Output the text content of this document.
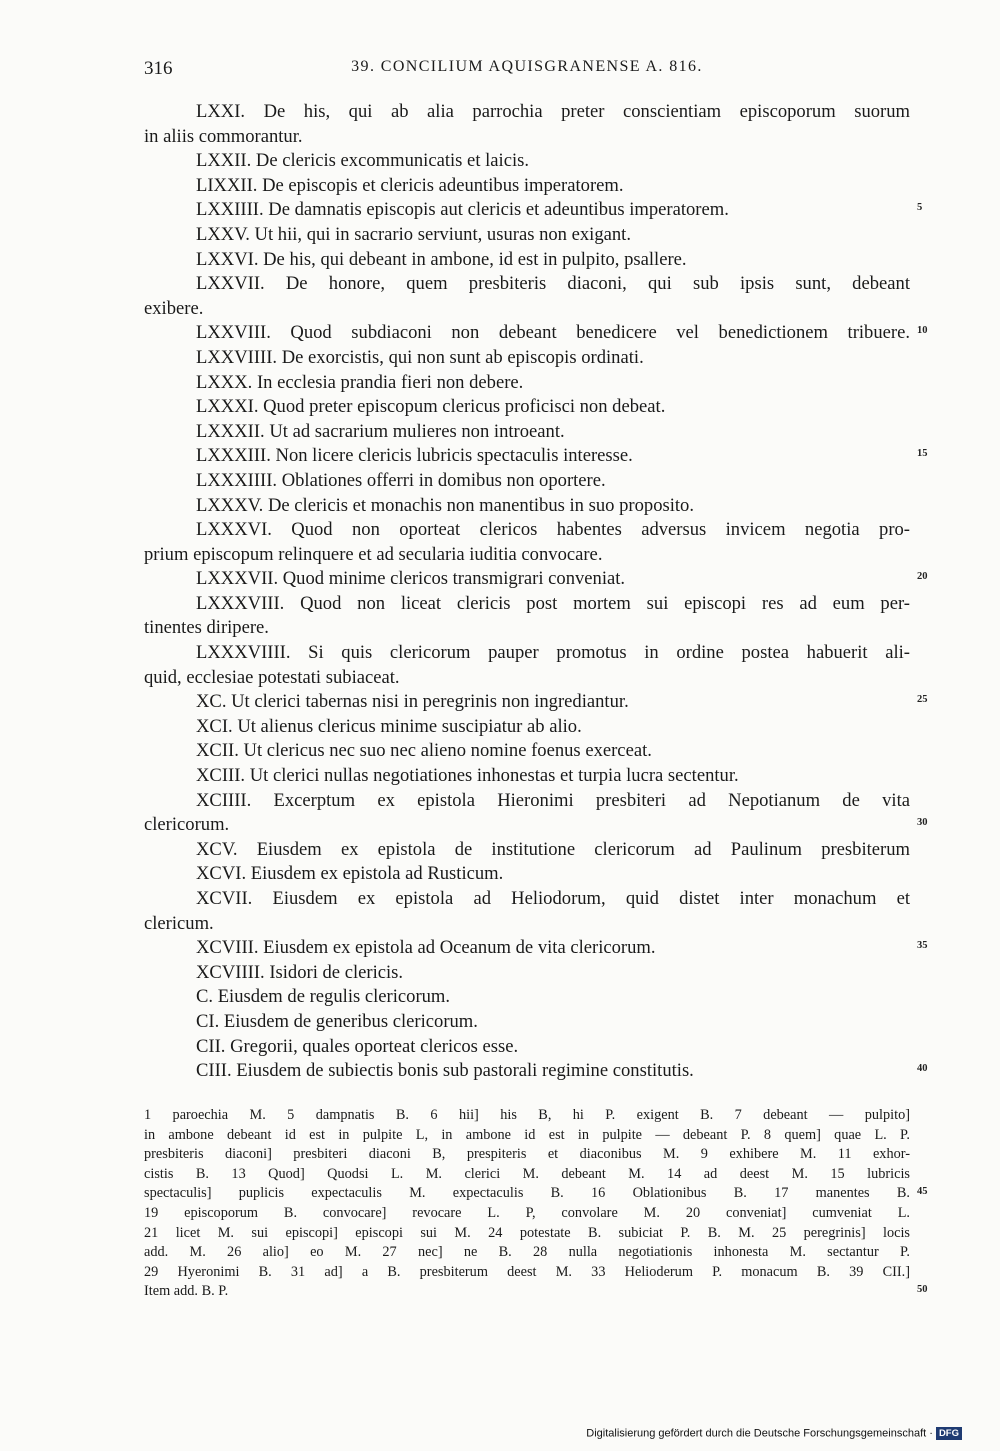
316	39. CONCILIUM AQUISGRANENSE A. 816.
LXXI. De his, qui ab alia parrochia preter conscientiam episcoporum suorum
in aliis commorantur.
LXXII. De clericis excommunicatis et laicis.
LIXXII. De episcopis et clericis adeuntibus imperatorem.
LXXIIII. De damnatis episcopis aut clericis et adeuntibus imperatorem.
LXXV. Ut hii, qui in sacrario serviunt, usuras non exigant.
LXXVI. De his, qui debeant in ambone, id est in pulpito, psallere.
LXXVII. De honore, quem presbiteris diaconi, qui sub ipsis sunt, debeant
exibere.
LXXVIII. Quod subdiaconi non debeant benedicere vel benedictionem tribuere.
LXXVIIII. De exorcistis, qui non sunt ab episcopis ordinati.
LXXX. In ecclesia prandia fieri non debere.
LXXXI. Quod preter episcopum clericus proficisci non debeat.
LXXXII. Ut ad sacrarium mulieres non introeant.
LXXXIII. Non licere clericis lubricis spectaculis interesse.
LXXXIIII. Oblationes offerri in domibus non oportere.
LXXXV. De clericis et monachis non manentibus in suo proposito.
LXXXVI. Quod non oporteat clericos habentes adversus invicem negotia pro-
prium episcopum relinquere et ad secularia iuditia convocare.
LXXXVII. Quod minime clericos transmigrari conveniat.
LXXXVIII. Quod non liceat clericis post mortem sui episcopi res ad eum per-
tinentes diripere.
LXXXVIIII. Si quis clericorum pauper promotus in ordine postea habuerit ali-
quid, ecclesiae potestati subiaceat.
XC. Ut clerici tabernas nisi in peregrinis non ingrediantur.
XCI. Ut alienus clericus minime suscipiatur ab alio.
XCII. Ut clericus nec suo nec alieno nomine foenus exerceat.
XCIII. Ut clerici nullas negotiationes inhonestas et turpia lucra sectentur.
XCIIII. Excerptum ex epistola Hieronimi presbiteri ad Nepotianum de vita
clericorum.
XCV. Eiusdem ex epistola de institutione clericorum ad Paulinum presbiterum
XCVI. Eiusdem ex epistola ad Rusticum.
XCVII. Eiusdem ex epistola ad Heliodorum, quid distet inter monachum et
clericum.
XCVIII. Eiusdem ex epistola ad Oceanum de vita clericorum.
XCVIIII. Isidori de clericis.
C. Eiusdem de regulis clericorum.
CI. Eiusdem de generibus clericorum.
CII. Gregorii, quales oporteat clericos esse.
CIII. Eiusdem de subiectis bonis sub pastorali regimine constitutis.
1 paroechia M. 5 dampnatis B. 6 hii] his B, hi P. exigent B. 7 debeant — pulpito]
in ambone debeant id est in pulpite L, in ambone id est in pulpite — debeant P. 8 quem] quae L. P.
presbiteris diaconi] presbiteri diaconi B, prespiteris et diaconibus M. 9 exhibere M. 11 exhor-
cistis B. 13 Quod] Quodsi L. M. clerici M. debeant M. 14 ad deest M. 15 lubricis
spectaculis] puplicis expectaculis M. expectaculis B. 16 Oblationibus B. 17 manentes B.
19 episcoporum B. convocare] revocare L. P, convolare M. 20 conveniat] cumveniat L.
21 licet M. sui episcopi] episcopi sui M. 24 potestate B. subiciat P. B. M. 25 peregrinis] locis
add. M. 26 alio] eo M. 27 nec] ne B. 28 nulla negotiationis inhonesta M. sectantur P.
29 Hyeronimi B. 31 ad] a B. presbiterum deest M. 33 Helioderum P. monacum B. 39 CII.]
Item add. B. P.
Digitalisierung gefördert durch die Deutsche Forschungsgemeinschaft · DFG
5
10
15
20
25
30
35
40
45
50
